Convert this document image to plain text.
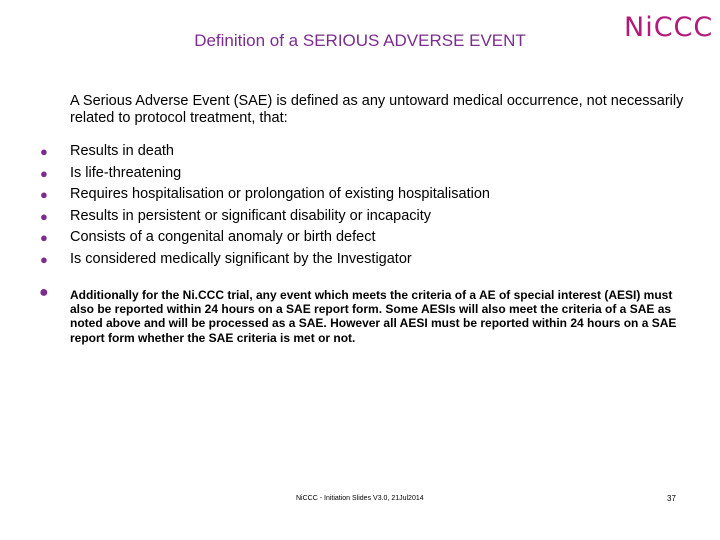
Definition of a SERIOUS ADVERSE EVENT	NiCCC
A Serious Adverse Event (SAE) is defined as any untoward medical occurrence, not necessarily related to protocol treatment, that:
● Results in death
● Is life-threatening
● Requires hospitalisation or prolongation of existing hospitalisation
● Results in persistent or significant disability or incapacity
● Consists of a congenital anomaly or birth defect
● Is considered medically significant by the Investigator
● Additionally for the Ni.CCC trial, any event which meets the criteria of a AE of special interest (AESI) must also be reported within 24 hours on a SAE report form. Some AESIs will also meet the criteria of a SAE as noted above and will be processed as a SAE. However all AESI must be reported within 24 hours on a SAE report form whether the SAE criteria is met or not.
NiCCC - Initiation Slides V3.0, 21Jul2014	37
